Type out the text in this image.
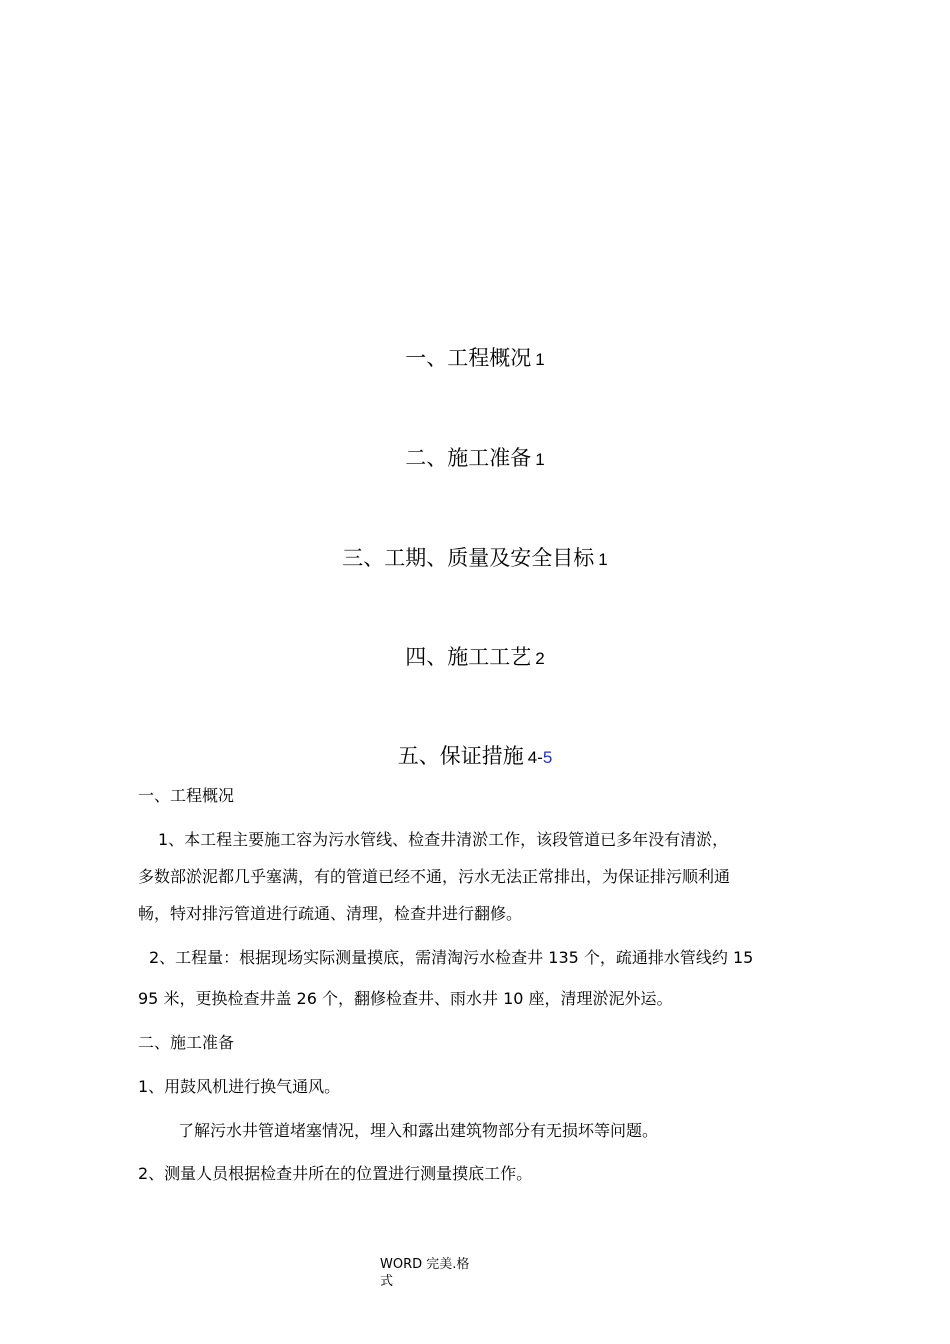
一、工程概况 1
二、施工准备 1
三、工期、质量及安全目标 1
四、施工工艺 2
五、保证措施 4-5
一、工程概况
1、本工程主要施工容为污水管线、检查井清淤工作，该段管道已多年没有清淤，
多数部淤泥都几乎塞满，有的管道已经不通，污水无法正常排出，为保证排污顺利通
畅，特对排污管道进行疏通、清理，检查井进行翻修。
2、工程量：根据现场实际测量摸底，需清淘污水检查井 135 个，疏通排水管线约 15
95 米，更换检查井盖 26 个，翻修检查井、雨水井 10 座，清理淤泥外运。
二、施工准备
1、用鼓风机进行换气通风。
了解污水井管道堵塞情况，埋入和露出建筑物部分有无损坏等问题。
2、测量人员根据检查井所在的位置进行测量摸底工作。
WORD 完美.格
式
